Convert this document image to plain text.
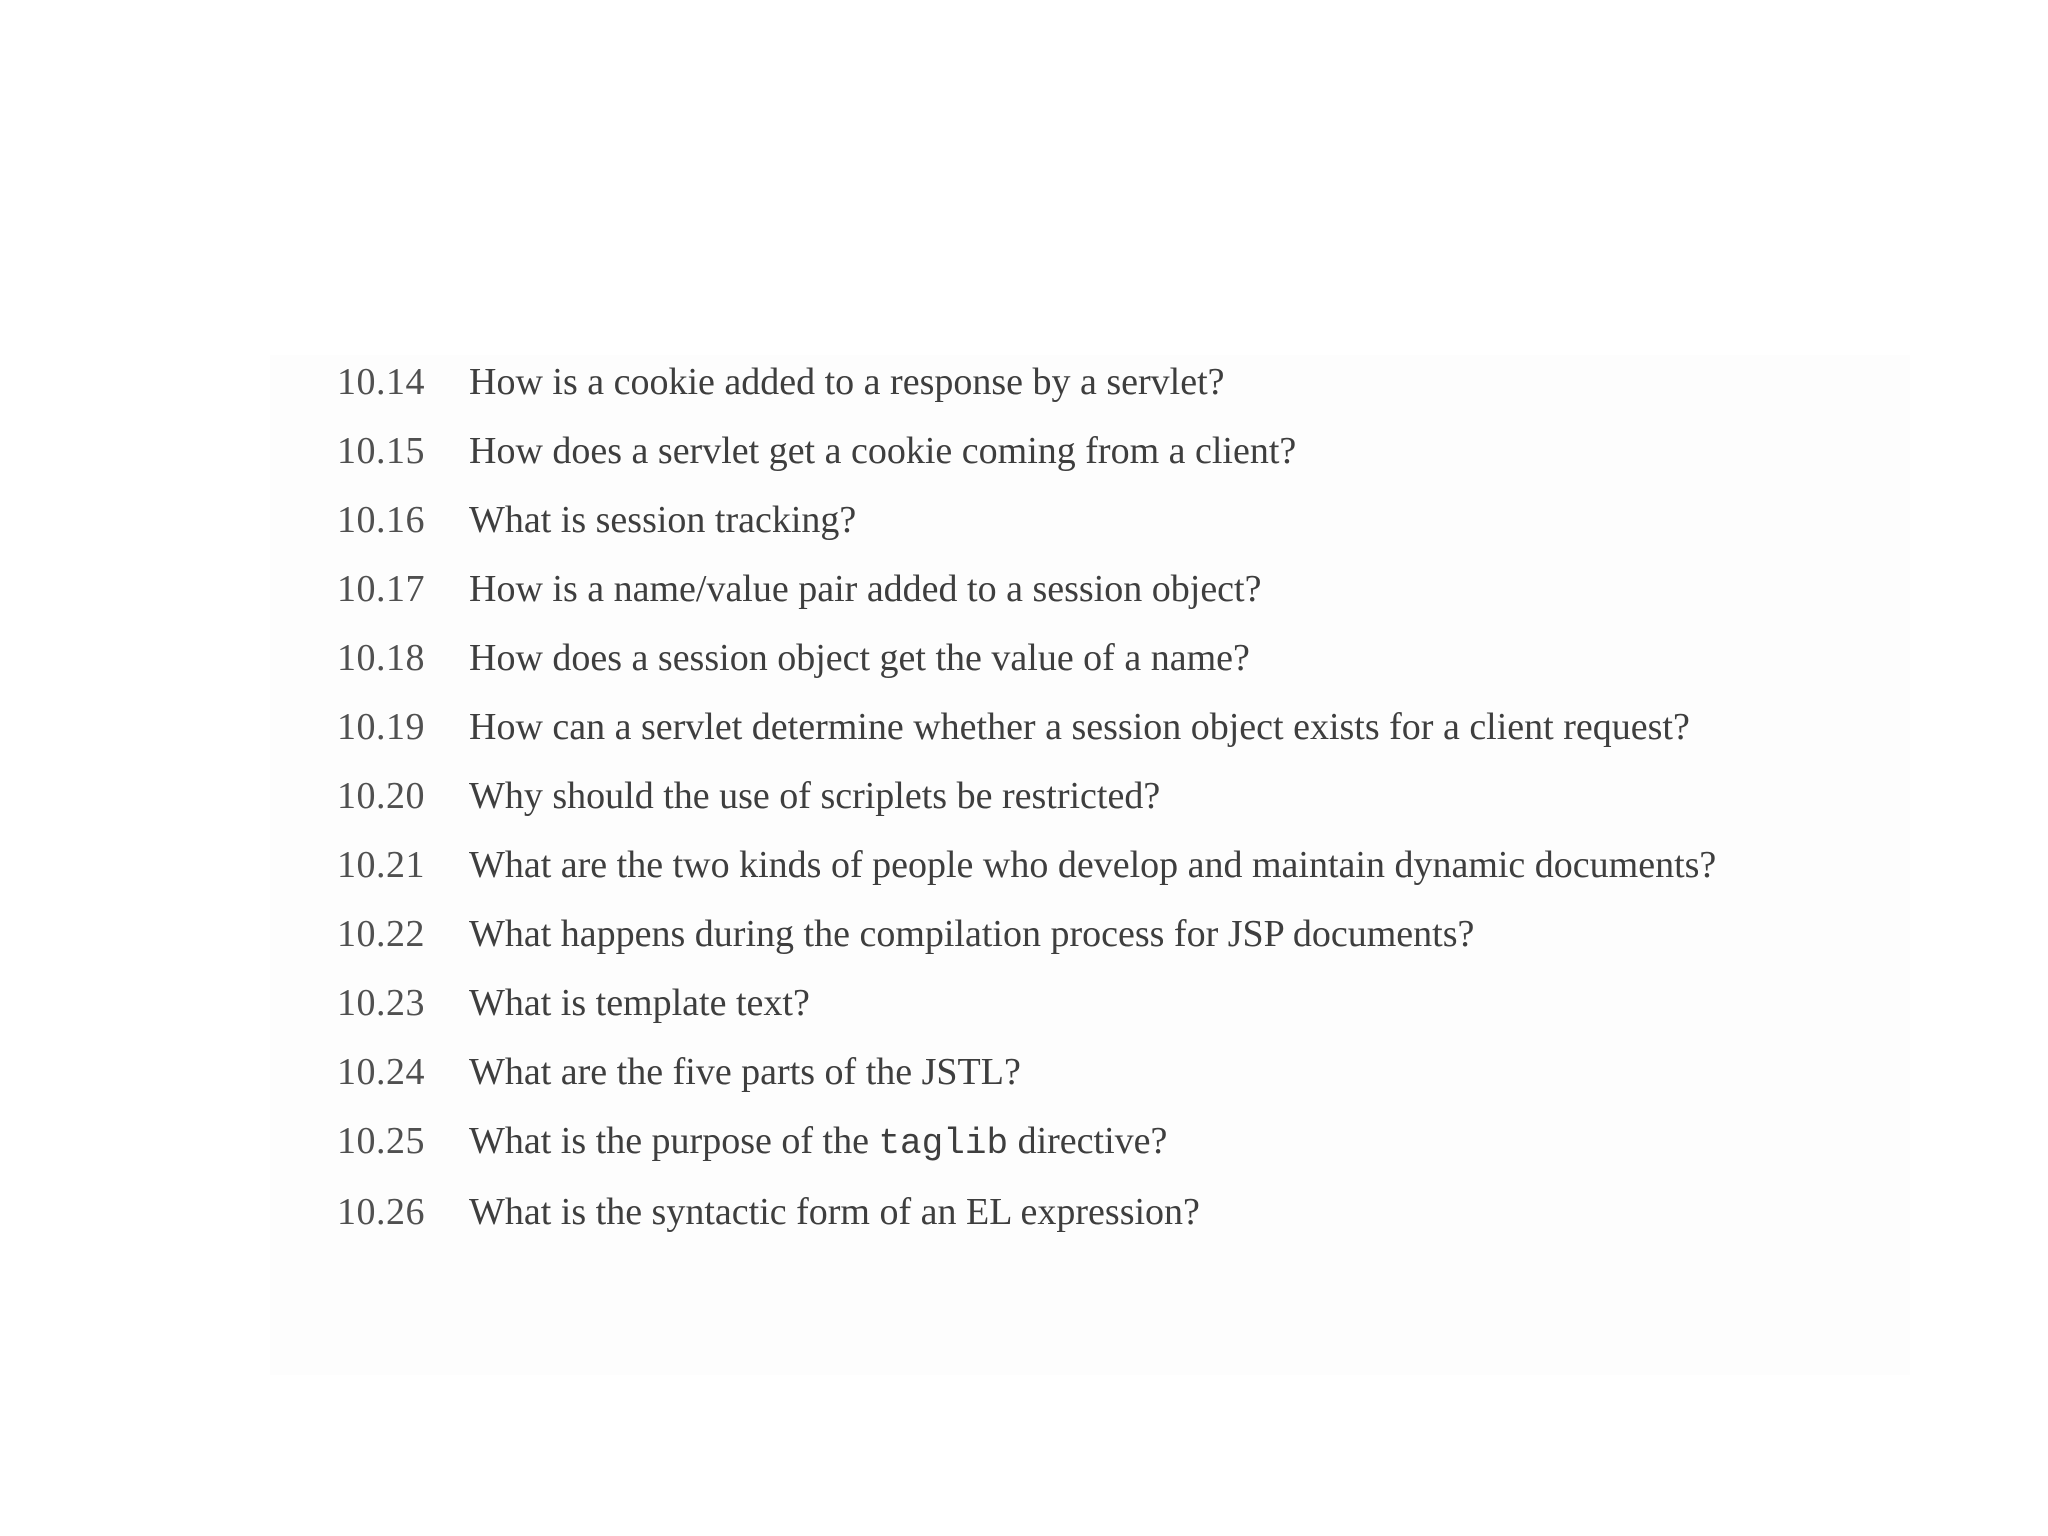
10.14	How is a cookie added to a response by a servlet?
10.15	How does a servlet get a cookie coming from a client?
10.16	What is session tracking?
10.17	How is a name/value pair added to a session object?
10.18	How does a session object get the value of a name?
10.19	How can a servlet determine whether a session object exists for a client request?
10.20	Why should the use of scriplets be restricted?
10.21	What are the two kinds of people who develop and maintain dynamic documents?
10.22	What happens during the compilation process for JSP documents?
10.23	What is template text?
10.24	What are the five parts of the JSTL?
10.25	What is the purpose of the taglib directive?
10.26	What is the syntactic form of an EL expression?
